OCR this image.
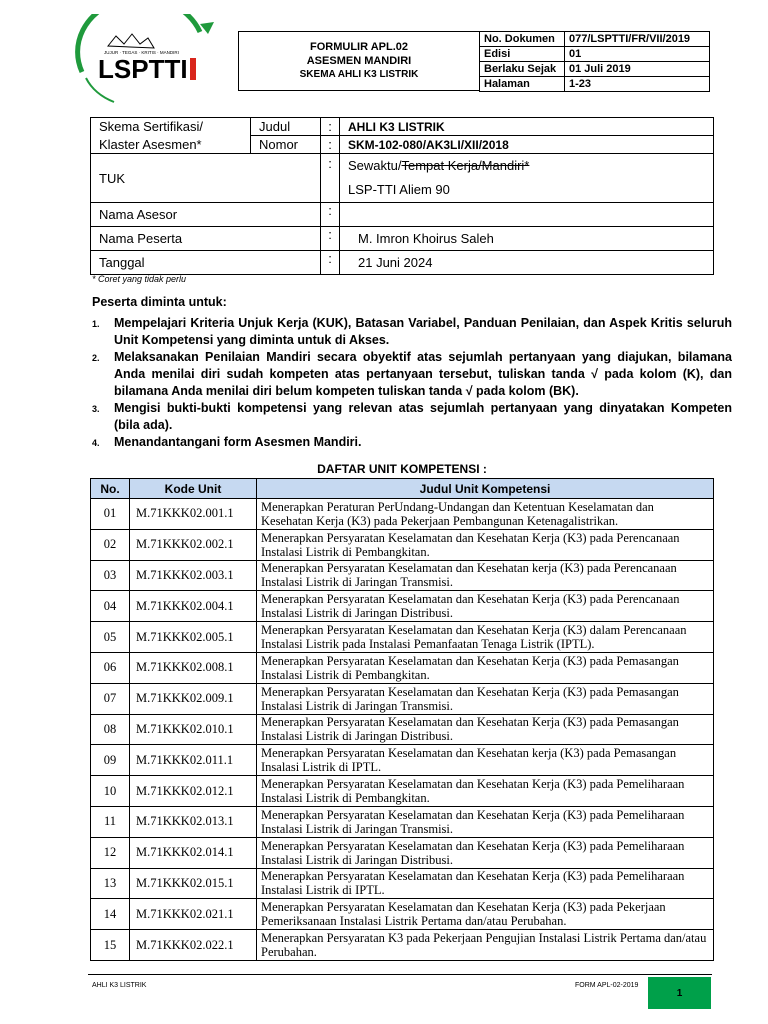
LSPTTI
JUJUR · TEGAS · KRITIS · MANDIRI	FORMULIR APL.02
ASESMEN MANDIRI
SKEMA AHLI K3 LISTRIK
No. Dokumen	077/LSPTTI/FR/VII/2019
Edisi	01
Berlaku Sejak	01 Juli 2019
Halaman	1-23
Skema Sertifikasi/	Judul	:	AHLI K3 LISTRIK
Klaster Asesmen*	Nomor	:	SKM-102-080/AK3LI/XII/2018
TUK		:	Sewaktu/Tempat Kerja/Mandiri*
LSP-TTI Aliem 90

Nama Asesor		:	
Nama Peserta		:	M. Imron Khoirus Saleh
Tanggal		:	21 Juni 2024
* Coret yang tidak perlu
Peserta diminta untuk:
1. Mempelajari Kriteria Unjuk Kerja (KUK), Batasan Variabel, Panduan Penilaian, dan Aspek Kritis seluruh Unit Kompetensi yang diminta untuk di Akses.
2. Melaksanakan Penilaian Mandiri secara obyektif atas sejumlah pertanyaan yang diajukan, bilamana Anda menilai diri sudah kompeten atas pertanyaan tersebut, tuliskan tanda √ pada kolom (K), dan bilamana Anda menilai diri belum kompeten tuliskan tanda √ pada kolom (BK).
3. Mengisi bukti-bukti kompetensi yang relevan atas sejumlah pertanyaan yang dinyatakan Kompeten (bila ada).
4. Menandantangani form Asesmen Mandiri.
DAFTAR UNIT KOMPETENSI :
No.	Kode Unit	Judul Unit Kompetensi
01	M.71KKK02.001.1	Menerapkan Peraturan PerUndang-Undangan dan Ketentuan Keselamatan dan Kesehatan Kerja (K3) pada Pekerjaan Pembangunan Ketenagalistrikan.
02	M.71KKK02.002.1	Menerapkan Persyaratan Keselamatan dan Kesehatan Kerja (K3) pada Perencanaan Instalasi Listrik di Pembangkitan.
03	M.71KKK02.003.1	Menerapkan Persyaratan Keselamatan dan Kesehatan kerja (K3) pada Perencanaan Instalasi Listrik di Jaringan Transmisi.
04	M.71KKK02.004.1	Menerapkan Persyaratan Keselamatan dan Kesehatan Kerja (K3) pada Perencanaan Instalasi Listrik di Jaringan Distribusi.
05	M.71KKK02.005.1	Menerapkan Persyaratan Keselamatan dan Kesehatan Kerja (K3) dalam Perencanaan Instalasi Listrik pada Instalasi Pemanfaatan Tenaga Listrik (IPTL).
06	M.71KKK02.008.1	Menerapkan Persyaratan Keselamatan dan Kesehatan Kerja (K3) pada Pemasangan Instalasi Listrik di Pembangkitan.
07	M.71KKK02.009.1	Menerapkan Persyaratan Keselamatan dan Kesehatan Kerja (K3) pada Pemasangan Instalasi Listrik di Jaringan Transmisi.
08	M.71KKK02.010.1	Menerapkan Persyaratan Keselamatan dan Kesehatan Kerja (K3) pada Pemasangan Instalasi Listrik di Jaringan Distribusi.
09	M.71KKK02.011.1	Menerapkan Persyaratan Keselamatan dan Kesehatan kerja (K3) pada Pemasangan Insalasi Listrik di IPTL.
10	M.71KKK02.012.1	Menerapkan Persyaratan Keselamatan dan Kesehatan Kerja (K3) pada Pemeliharaan Instalasi Listrik di Pembangkitan.
11	M.71KKK02.013.1	Menerapkan Persyaratan Keselamatan dan Kesehatan Kerja (K3) pada Pemeliharaan Instalasi Listrik di Jaringan Transmisi.
12	M.71KKK02.014.1	Menerapkan Persyaratan Keselamatan dan Kesehatan Kerja (K3) pada Pemeliharaan Instalasi Listrik di Jaringan Distribusi.
13	M.71KKK02.015.1	Menerapkan Persyaratan Keselamatan dan Kesehatan Kerja (K3) pada Pemeliharaan Instalasi Listrik di IPTL.
14	M.71KKK02.021.1	Menerapkan Persyaratan Keselamatan dan Kesehatan Kerja (K3) pada Pekerjaan Pemeriksanaan Instalasi Listrik Pertama dan/atau Perubahan.
15	M.71KKK02.022.1	Menerapkan Persyaratan K3 pada Pekerjaan Pengujian Instalasi Listrik Pertama dan/atau Perubahan.
AHLI K3 LISTRIK	FORM APL-02-2019
1
